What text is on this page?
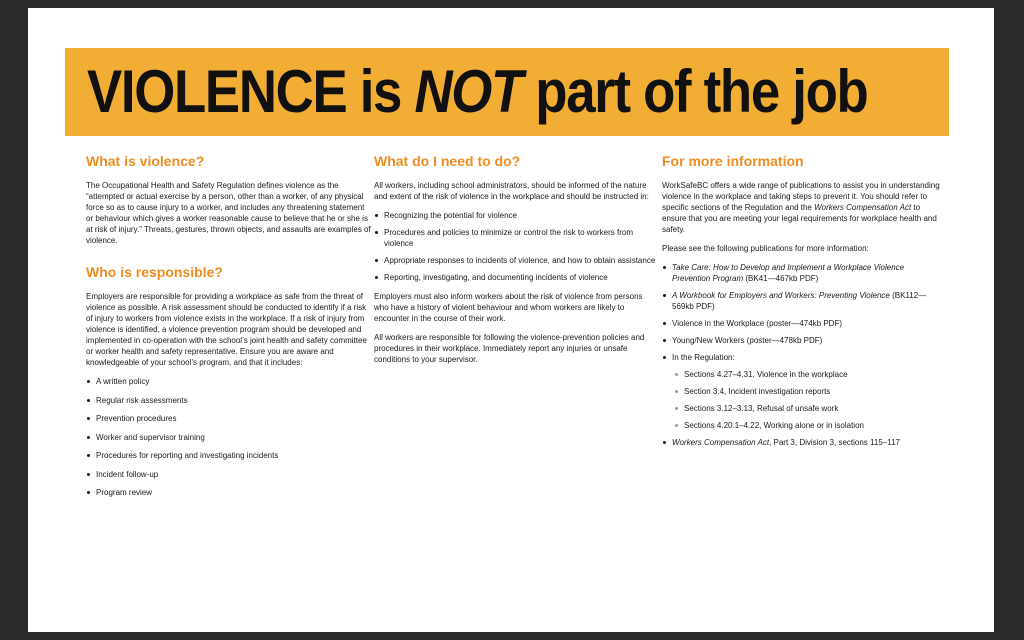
VIOLENCE is NOT part of the job
What is violence?

The Occupational Health and Safety Regulation defines violence as the “attempted or actual exercise by a person, other than a worker, of any physical force so as to cause injury to a worker, and includes any threatening statement or behaviour which gives a worker reasonable cause to believe that he or she is at risk of injury.” Threats, gestures, thrown objects, and assaults are examples of violence.

Who is responsible?

Employers are responsible for providing a workplace as safe from the threat of violence as possible. A risk assessment should be conducted to identify if a risk of injury to workers from violence exists in the workplace. If a risk of injury from violence is identified, a violence prevention program should be developed and implemented in co-operation with the school’s joint health and safety committee or worker health and safety representative. Ensure you are aware and knowledgeable of your school’s program, and that it includes:

A written policy
Regular risk assessments
Prevention procedures
Worker and supervisor training
Procedures for reporting and investigating incidents
Incident follow-up
Program review
What do I need to do?

All workers, including school administrators, should be informed of the nature and extent of the risk of violence in the workplace and should be instructed in:

Recognizing the potential for violence
Procedures and policies to minimize or control the risk to workers from violence
Appropriate responses to incidents of violence, and how to obtain assistance
Reporting, investigating, and documenting incidents of violence

Employers must also inform workers about the risk of violence from persons who have a history of violent behaviour and whom workers are likely to encounter in the course of their work.

All workers are responsible for following the violence-prevention policies and procedures in their workplace. Immediately report any injuries or unsafe conditions to your supervisor.

For more information

WorkSafeBC offers a wide range of publications to assist you in understanding violence in the workplace and taking steps to prevent it. You should refer to specific sections of the Regulation and the Workers Compensation Act to ensure that you are meeting your legal requirements for workplace health and safety.

Please see the following publications for more information:

Take Care: How to Develop and Implement a Workplace Violence Prevention Program (BK41—467kb PDF)
A Workbook for Employers and Workers: Preventing Violence (BK112—569kb PDF)
Violence in the Workplace (poster—474kb PDF)
Young/New Workers (poster—478kb PDF)
In the Regulation:
Sections 4.27–4.31, Violence in the workplace
Section 3.4, Incident investigation reports
Sections 3.12–3.13, Refusal of unsafe work
Sections 4.20.1–4.22, Working alone or in isolation
Workers Compensation Act, Part 3, Division 3, sections 115–117
